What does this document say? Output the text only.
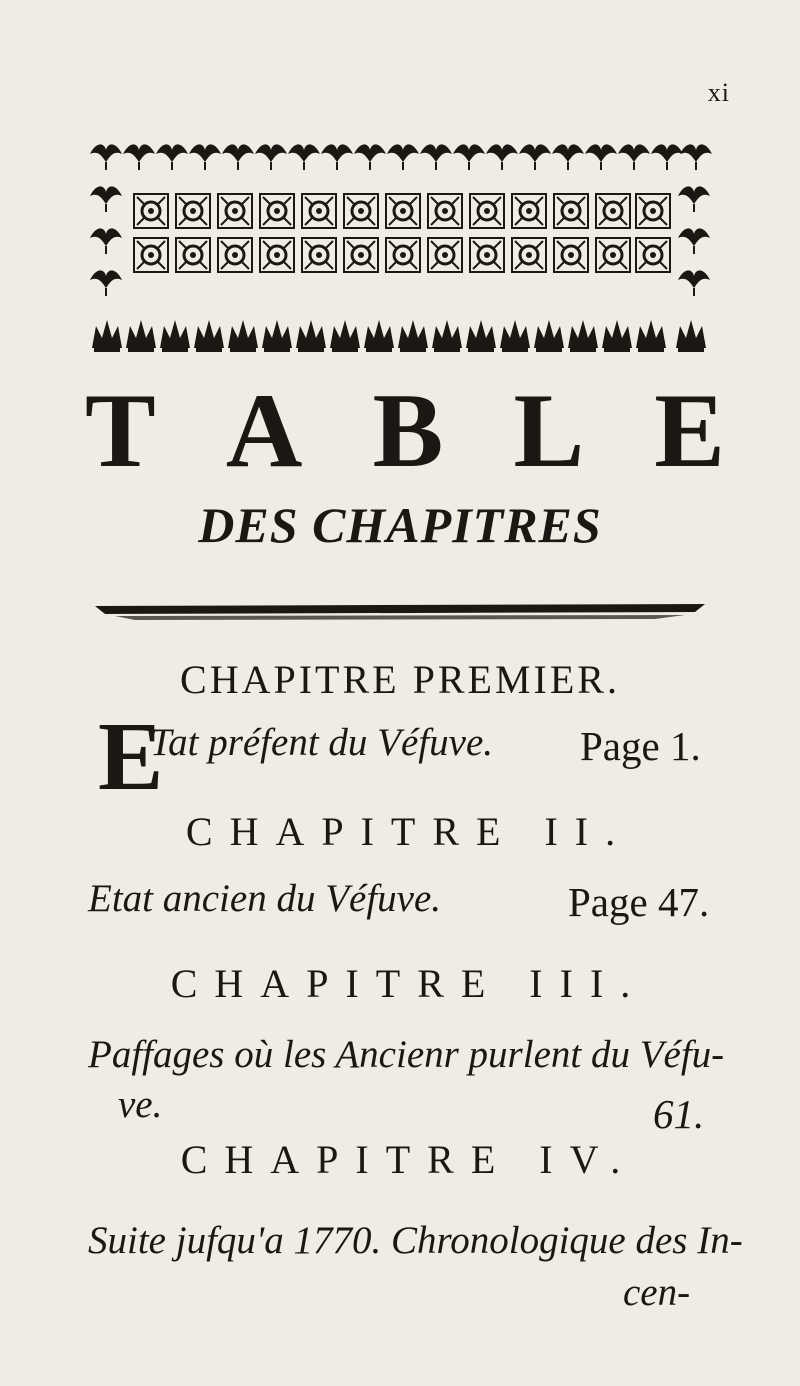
xi
T A B L E
DES CHAPITRES
CHAPITRE PREMIER.
E
Tat préfent du Véfuve. Page 1.
CHAPITRE II.
Etat ancien du Véfuve.	Page 47.
CHAPITRE III.
Paffages où les Ancienr purlent du Véfu-
ve.	61.
CHAPITRE IV.
Suite jufqu'a 1770. Chronologique des In-
cen-
